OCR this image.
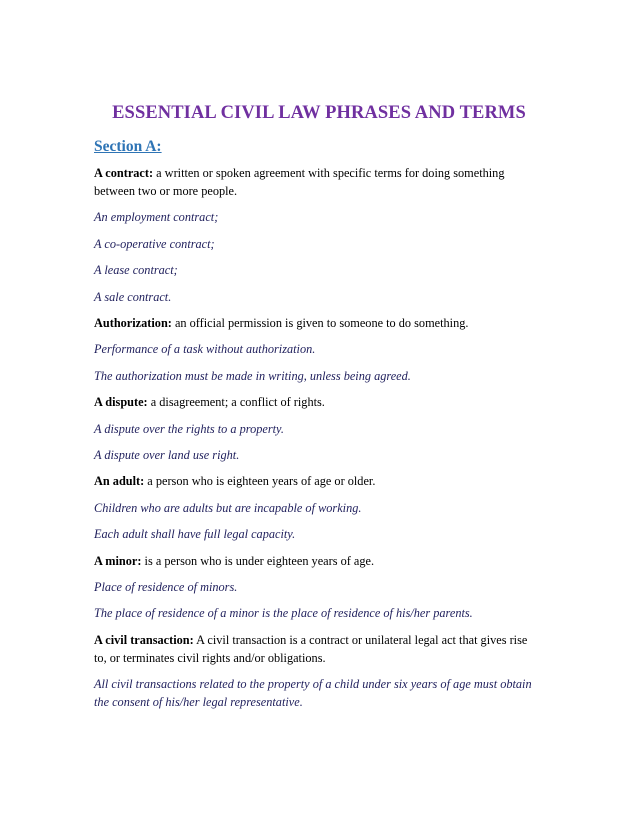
ESSENTIAL CIVIL LAW PHRASES AND TERMS
Section A:

A contract: a written or spoken agreement with specific terms for doing something

between two or more people.

An employment contract;

A co-operative contract;

A lease contract;

A sale contract.

Authorization: an official permission is given to someone to do something.

Performance of a task without authorization.

The authorization must be made in writing, unless being agreed.

A dispute: a disagreement; a conflict of rights.

A dispute over the rights to a property.

A dispute over land use right.

An adult: a person who is eighteen years of age or older.

Children who are adults but are incapable of working.

Each adult shall have full legal capacity.

A minor: is a person who is under eighteen years of age.

Place of residence of minors.

The place of residence of a minor is the place of residence of his/her parents.

A civil transaction: A civil transaction is a contract or unilateral legal act that gives rise

to, or terminates civil rights and/or obligations.

All civil transactions related to the property of a child under six years of age must obtain

the consent of his/her legal representative.
